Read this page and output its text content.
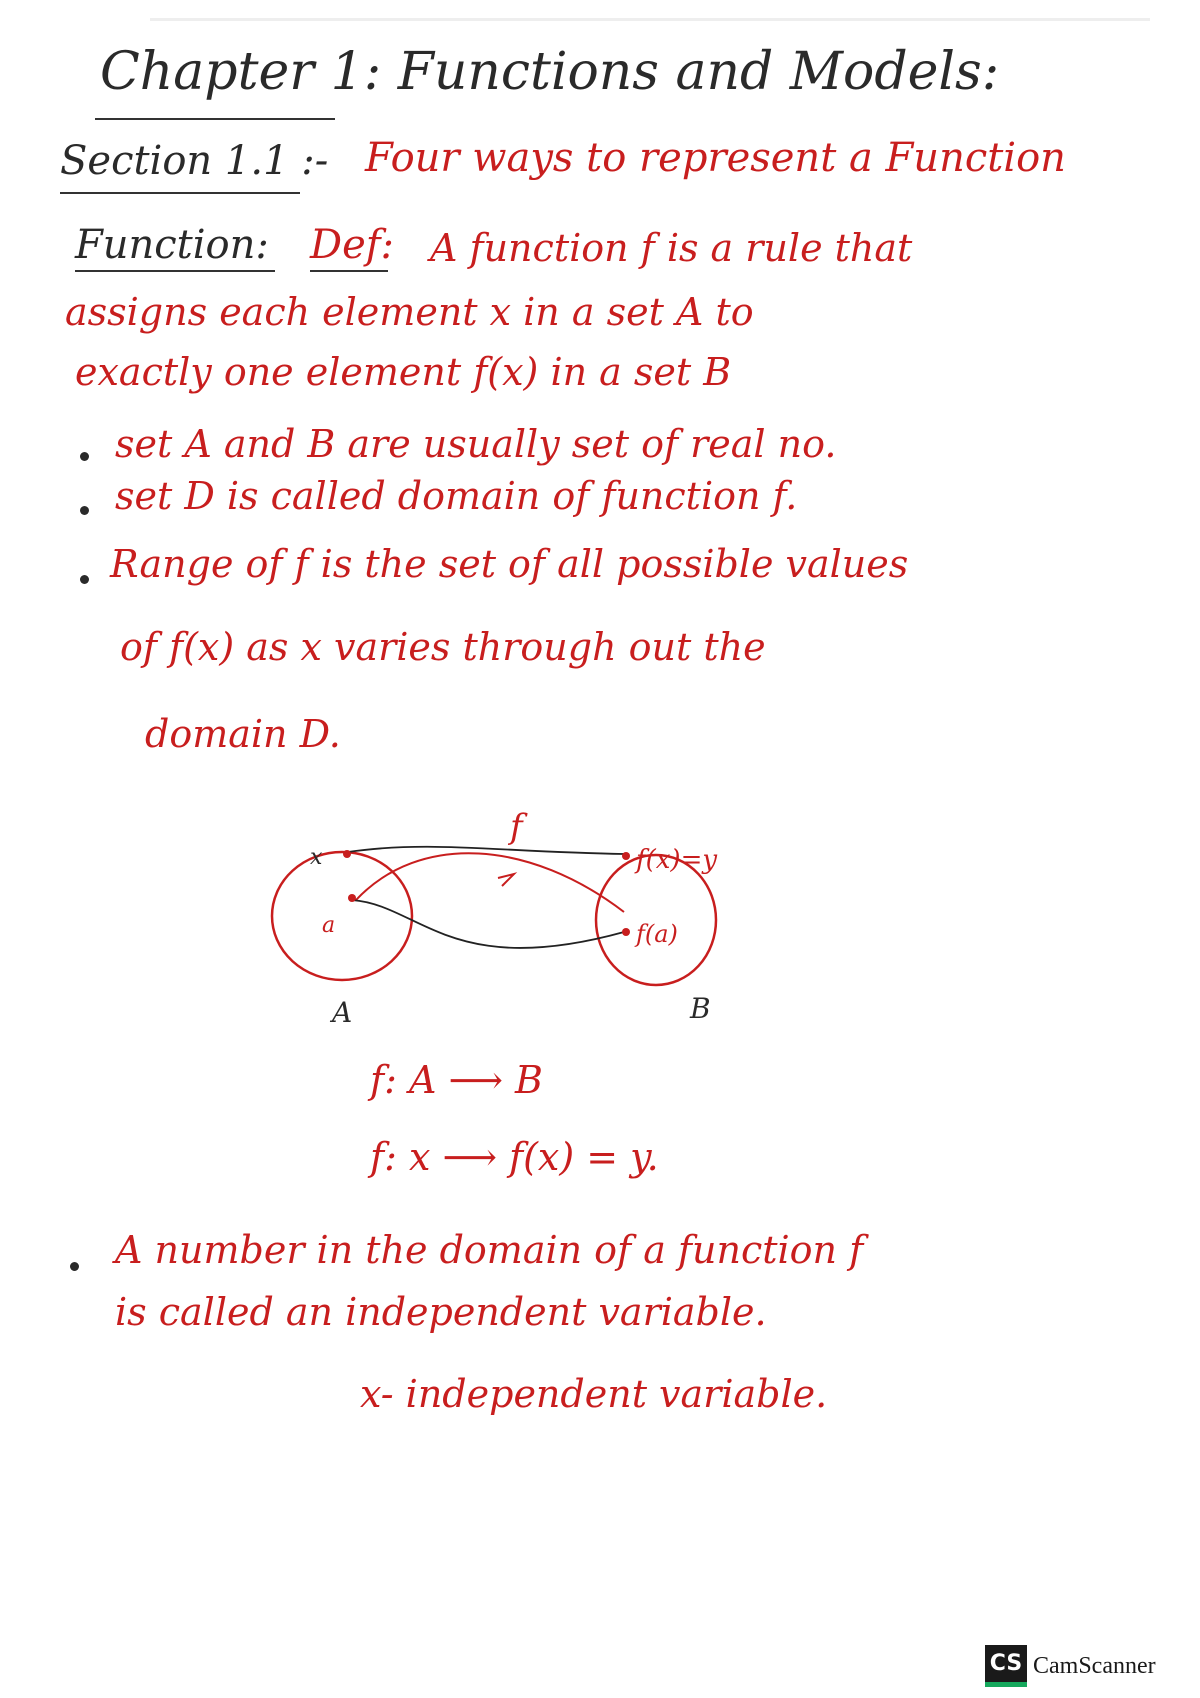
Chapter 1: Functions and Models:
Section 1.1 :- Four ways to represent a Function
Function: Def: A function f is a rule that
assigns each element x in a set A to
exactly one element f(x) in a set B
set A and B are usually set of real no.
set D is called domain of function f.
Range of f is the set of all possible values
of f(x) as x varies through out the
domain D.
f
x
a
f(x)=y
f(a)
A	B
f: A ⟶ B
f: x ⟶ f(x) = y.
A number in the domain of a function f
is called an independent variable.
x- independent variable.
CS CamScanner
